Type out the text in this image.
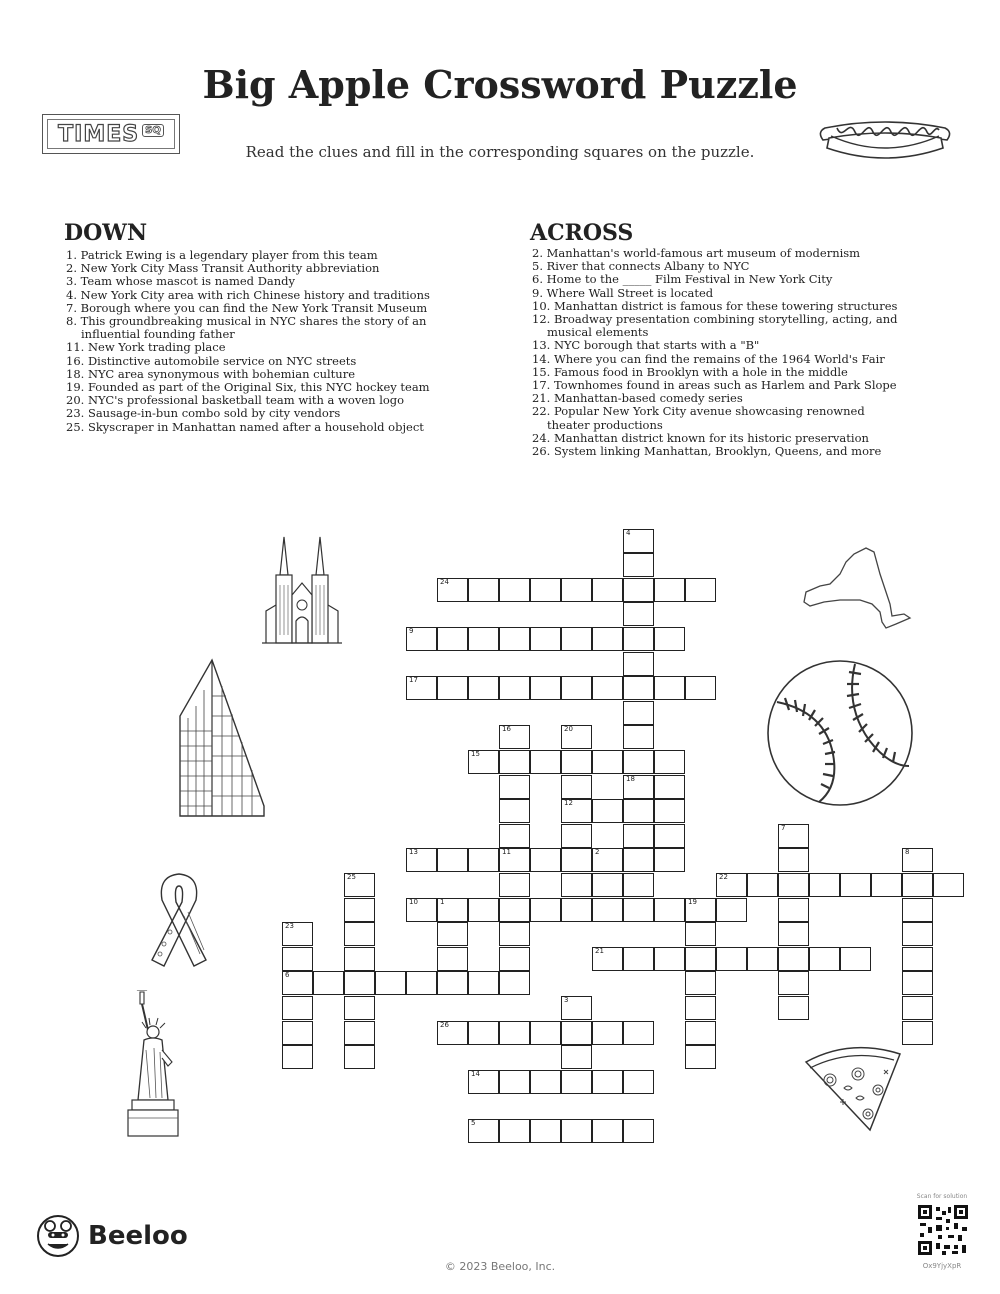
Big Apple Crossword Puzzle
Read the clues and fill in the corresponding squares on the puzzle.
TIMES SQ
DOWN
1. Patrick Ewing is a legendary player from this team
2. New York City Mass Transit Authority abbreviation
3. Team whose mascot is named Dandy
4. New York City area with rich Chinese history and traditions
7. Borough where you can find the New York Transit Museum
8. This groundbreaking musical in NYC shares the story of an influential founding father
11. New York trading place
16. Distinctive automobile service on NYC streets
18. NYC area synonymous with bohemian culture
19. Founded as part of the Original Six, this NYC hockey team
20. NYC's professional basketball team with a woven logo
23. Sausage-in-bun combo sold by city vendors
25. Skyscraper in Manhattan named after a household object
ACROSS
2. Manhattan's world-famous art museum of modernism
5. River that connects Albany to NYC
6. Home to the _____ Film Festival in New York City
9. Where Wall Street is located
10. Manhattan district is famous for these towering structures
12. Broadway presentation combining storytelling, acting, and musical elements
13. NYC borough that starts with a "B"
14. Where you can find the remains of the 1964 World's Fair
15. Famous food in Brooklyn with a hole in the middle
17. Townhomes found in areas such as Harlem and Park Slope
21. Manhattan-based comedy series
22. Popular New York City avenue showcasing renowned theater productions
24. Manhattan district known for its historic preservation
26. System linking Manhattan, Brooklyn, Queens, and more
24
9
17
15
12
13	11	2
22
10	1	19
21
6
26
14
5
4
18
16	20
7
8
25
23
3
Beeloo
Scan for solution
Ox9YjyXpR
© 2023 Beeloo, Inc.
